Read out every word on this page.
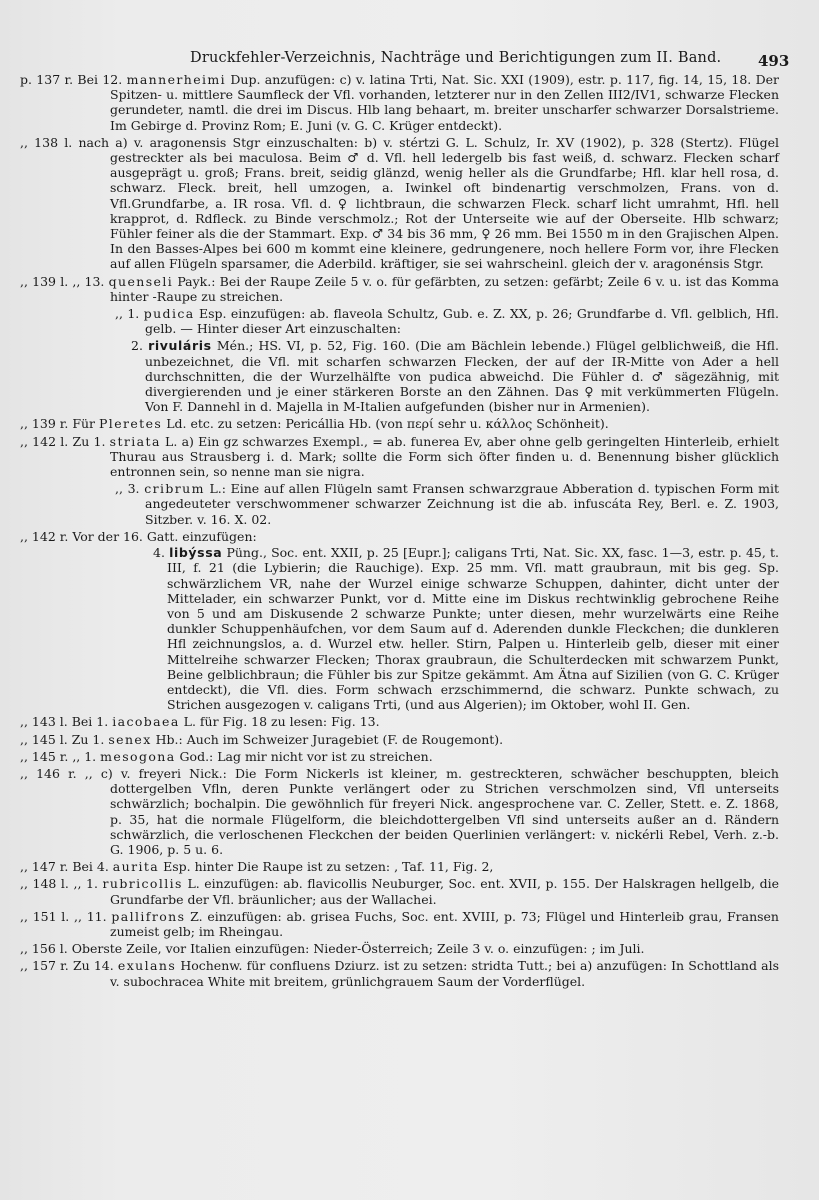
Druckfehler-Verzeichnis, Nachträge und Berichtigungen zum II. Band. 493
p. 137 r. Bei 12. mannerheimi Dup. anzufügen: c) v. latina Trti, Nat. Sic. XXI (1909), estr. p. 117, fig. 14, 15, 18. Der Spitzen- u. mittlere Saumfleck der Vfl. vorhanden, letzterer nur in den Zellen III2/IV1, schwarze Flecken gerundeter, namtl. die drei im Discus. Hlb lang behaart, m. breiter unscharfer schwarzer Dorsalstrieme. Im Gebirge d. Provinz Rom; E. Juni (v. G. C. Krüger entdeckt).
,, 138 l. nach a) v. aragonensis Stgr einzuschalten: b) v. stértzi G. L. Schulz, Ir. XV (1902), p. 328 (Stertz). Flügel gestreckter als bei maculosa. Beim ♂ d. Vfl. hell ledergelb bis fast weiß, d. schwarz. Flecken scharf ausgeprägt u. groß; Frans. breit, seidig glänzd, wenig heller als die Grundfarbe; Hfl. klar hell rosa, d. schwarz. Fleck. breit, hell umzogen, a. Iwinkel oft bindenartig verschmolzen, Frans. von d. Vfl.Grundfarbe, a. IR rosa. Vfl. d. ♀ lichtbraun, die schwarzen Fleck. scharf licht umrahmt, Hfl. hell krapprot, d. Rdfleck. zu Binde verschmolz.; Rot der Unterseite wie auf der Oberseite. Hlb schwarz; Fühler feiner als die der Stammart. Exp. ♂ 34 bis 36 mm, ♀ 26 mm. Bei 1550 m in den Grajischen Alpen. In den Basses-Alpes bei 600 m kommt eine kleinere, gedrungenere, noch hellere Form vor, ihre Flecken auf allen Flügeln sparsamer, die Aderbild. kräftiger, sie sei wahrscheinl. gleich der v. aragonénsis Stgr.
,, 139 l. ,, 13. quenseli Payk.: Bei der Raupe Zeile 5 v. o. für gefärbten, zu setzen: gefärbt; Zeile 6 v. u. ist das Komma hinter -Raupe zu streichen.
,, 1. pudica Esp. einzufügen: ab. flaveola Schultz, Gub. e. Z. XX, p. 26; Grundfarbe d. Vfl. gelblich, Hfl. gelb. — Hinter dieser Art einzuschalten:
2. rivuláris Mén.; HS. VI, p. 52, Fig. 160. (Die am Bächlein lebende.) Flügel gelblichweiß, die Hfl. unbezeichnet, die Vfl. mit scharfen schwarzen Flecken, der auf der IR-Mitte von Ader a hell durchschnitten, die der Wurzelhälfte von pudica abweichd. Die Fühler d. ♂ sägezähnig, mit divergierenden und je einer stärkeren Borste an den Zähnen. Das ♀ mit verkümmerten Flügeln. Von F. Dannehl in d. Majella in M-Italien aufgefunden (bisher nur in Armenien).
,, 139 r. Für Pleretes Ld. etc. zu setzen: Pericállia Hb. (von περί sehr u. κάλλος Schönheit).
,, 142 l. Zu 1. striata L. a) Ein gz schwarzes Exempl., = ab. funerea Ev, aber ohne gelb geringelten Hinterleib, erhielt Thurau aus Strausberg i. d. Mark; sollte die Form sich öfter finden u. d. Benennung bisher glücklich entronnen sein, so nenne man sie nigra.
,, 3. cribrum L.: Eine auf allen Flügeln samt Fransen schwarzgraue Abberation d. typischen Form mit angedeuteter verschwommener schwarzer Zeichnung ist die ab. infuscáta Rey, Berl. e. Z. 1903, Sitzber. v. 16. X. 02.
,, 142 r. Vor der 16. Gatt. einzufügen:
4. libýssa Püng., Soc. ent. XXII, p. 25 [Eupr.]; caligans Trti, Nat. Sic. XX, fasc. 1—3, estr. p. 45, t. III, f. 21 (die Lybierin; die Rauchige). Exp. 25 mm. Vfl. matt graubraun, mit bis geg. Sp. schwärzlichem VR, nahe der Wurzel einige schwarze Schuppen, dahinter, dicht unter der Mittelader, ein schwarzer Punkt, vor d. Mitte eine im Diskus rechtwinklig gebrochene Reihe von 5 und am Diskusende 2 schwarze Punkte; unter diesen, mehr wurzelwärts eine Reihe dunkler Schuppenhäufchen, vor dem Saum auf d. Aderenden dunkle Fleckchen; die dunkleren Hfl zeichnungslos, a. d. Wurzel etw. heller. Stirn, Palpen u. Hinterleib gelb, dieser mit einer Mittelreihe schwarzer Flecken; Thorax graubraun, die Schulterdecken mit schwarzem Punkt, Beine gelblichbraun; die Fühler bis zur Spitze gekämmt. Am Ätna auf Sizilien (von G. C. Krüger entdeckt), die Vfl. dies. Form schwach erzschimmernd, die schwarz. Punkte schwach, zu Strichen ausgezogen v. caligans Trti, (und aus Algerien); im Oktober, wohl II. Gen.
,, 143 l. Bei 1. iacobaea L. für Fig. 18 zu lesen: Fig. 13.
,, 145 l. Zu 1. senex Hb.: Auch im Schweizer Juragebiet (F. de Rougemont).
,, 145 r. ,, 1. mesogona God.: Lag mir nicht vor ist zu streichen.
,, 146 r. ,, c) v. freyeri Nick.: Die Form Nickerls ist kleiner, m. gestreckteren, schwächer beschuppten, bleich dottergelben Vfln, deren Punkte verlängert oder zu Strichen verschmolzen sind, Vfl unterseits schwärzlich; bochalpin. Die gewöhnlich für freyeri Nick. angesprochene var. C. Zeller, Stett. e. Z. 1868, p. 35, hat die normale Flügelform, die bleichdottergelben Vfl sind unterseits außer an d. Rändern schwärzlich, die verloschenen Fleckchen der beiden Querlinien verlängert: v. nickérli Rebel, Verh. z.-b. G. 1906, p. 5 u. 6.
,, 147 r. Bei 4. aurita Esp. hinter Die Raupe ist zu setzen: , Taf. 11, Fig. 2,
,, 148 l. ,, 1. rubricollis L. einzufügen: ab. flavicollis Neuburger, Soc. ent. XVII, p. 155. Der Halskragen hellgelb, die Grundfarbe der Vfl. bräunlicher; aus der Wallachei.
,, 151 l. ,, 11. pallifrons Z. einzufügen: ab. grisea Fuchs, Soc. ent. XVIII, p. 73; Flügel und Hinterleib grau, Fransen zumeist gelb; im Rheingau.
,, 156 l. Oberste Zeile, vor Italien einzufügen: Nieder-Österreich; Zeile 3 v. o. einzufügen: ; im Juli.
,, 157 r. Zu 14. exulans Hochenw. für confluens Dziurz. ist zu setzen: stridta Tutt.; bei a) anzufügen: In Schottland als v. subochracea White mit breitem, grünlichgrauem Saum der Vorderflügel.
